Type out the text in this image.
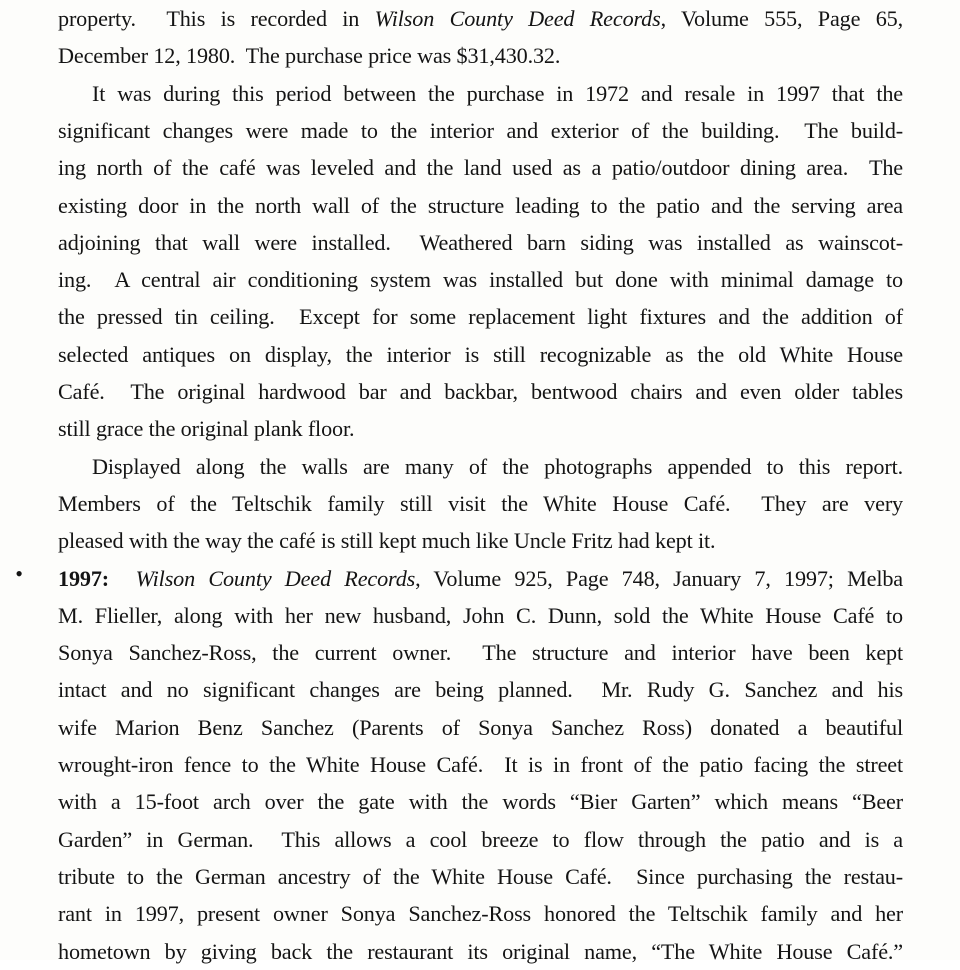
•
property.  This is recorded in Wilson County Deed Records, Volume 555, Page 65,
December 12, 1980.  The purchase price was $31,430.32.
It was during this period between the purchase in 1972 and resale in 1997 that the
significant changes were made to the interior and exterior of the building.  The build-
ing north of the café was leveled and the land used as a patio/outdoor dining area.  The
existing door in the north wall of the structure leading to the patio and the serving area
adjoining that wall were installed.  Weathered barn siding was installed as wainscot-
ing.  A central air conditioning system was installed but done with minimal damage to
the pressed tin ceiling.  Except for some replacement light fixtures and the addition of
selected antiques on display, the interior is still recognizable as the old White House
Café.  The original hardwood bar and backbar, bentwood chairs and even older tables
still grace the original plank floor.
Displayed along the walls are many of the photographs appended to this report.
Members of the Teltschik family still visit the White House Café.  They are very
pleased with the way the café is still kept much like Uncle Fritz had kept it.
1997: Wilson County Deed Records, Volume 925, Page 748, January 7, 1997; Melba
M. Flieller, along with her new husband, John C. Dunn, sold the White House Café to
Sonya Sanchez-Ross, the current owner.  The structure and interior have been kept
intact and no significant changes are being planned.  Mr. Rudy G. Sanchez and his
wife Marion Benz Sanchez (Parents of Sonya Sanchez Ross) donated a beautiful
wrought-iron fence to the White House Café.  It is in front of the patio facing the street
with a 15-foot arch over the gate with the words “Bier Garten” which means “Beer
Garden” in German.  This allows a cool breeze to flow through the patio and is a
tribute to the German ancestry of the White House Café.  Since purchasing the restau-
rant in 1997, present owner Sonya Sanchez-Ross honored the Teltschik family and her
hometown by giving back the restaurant its original name, “The White House Café.”
